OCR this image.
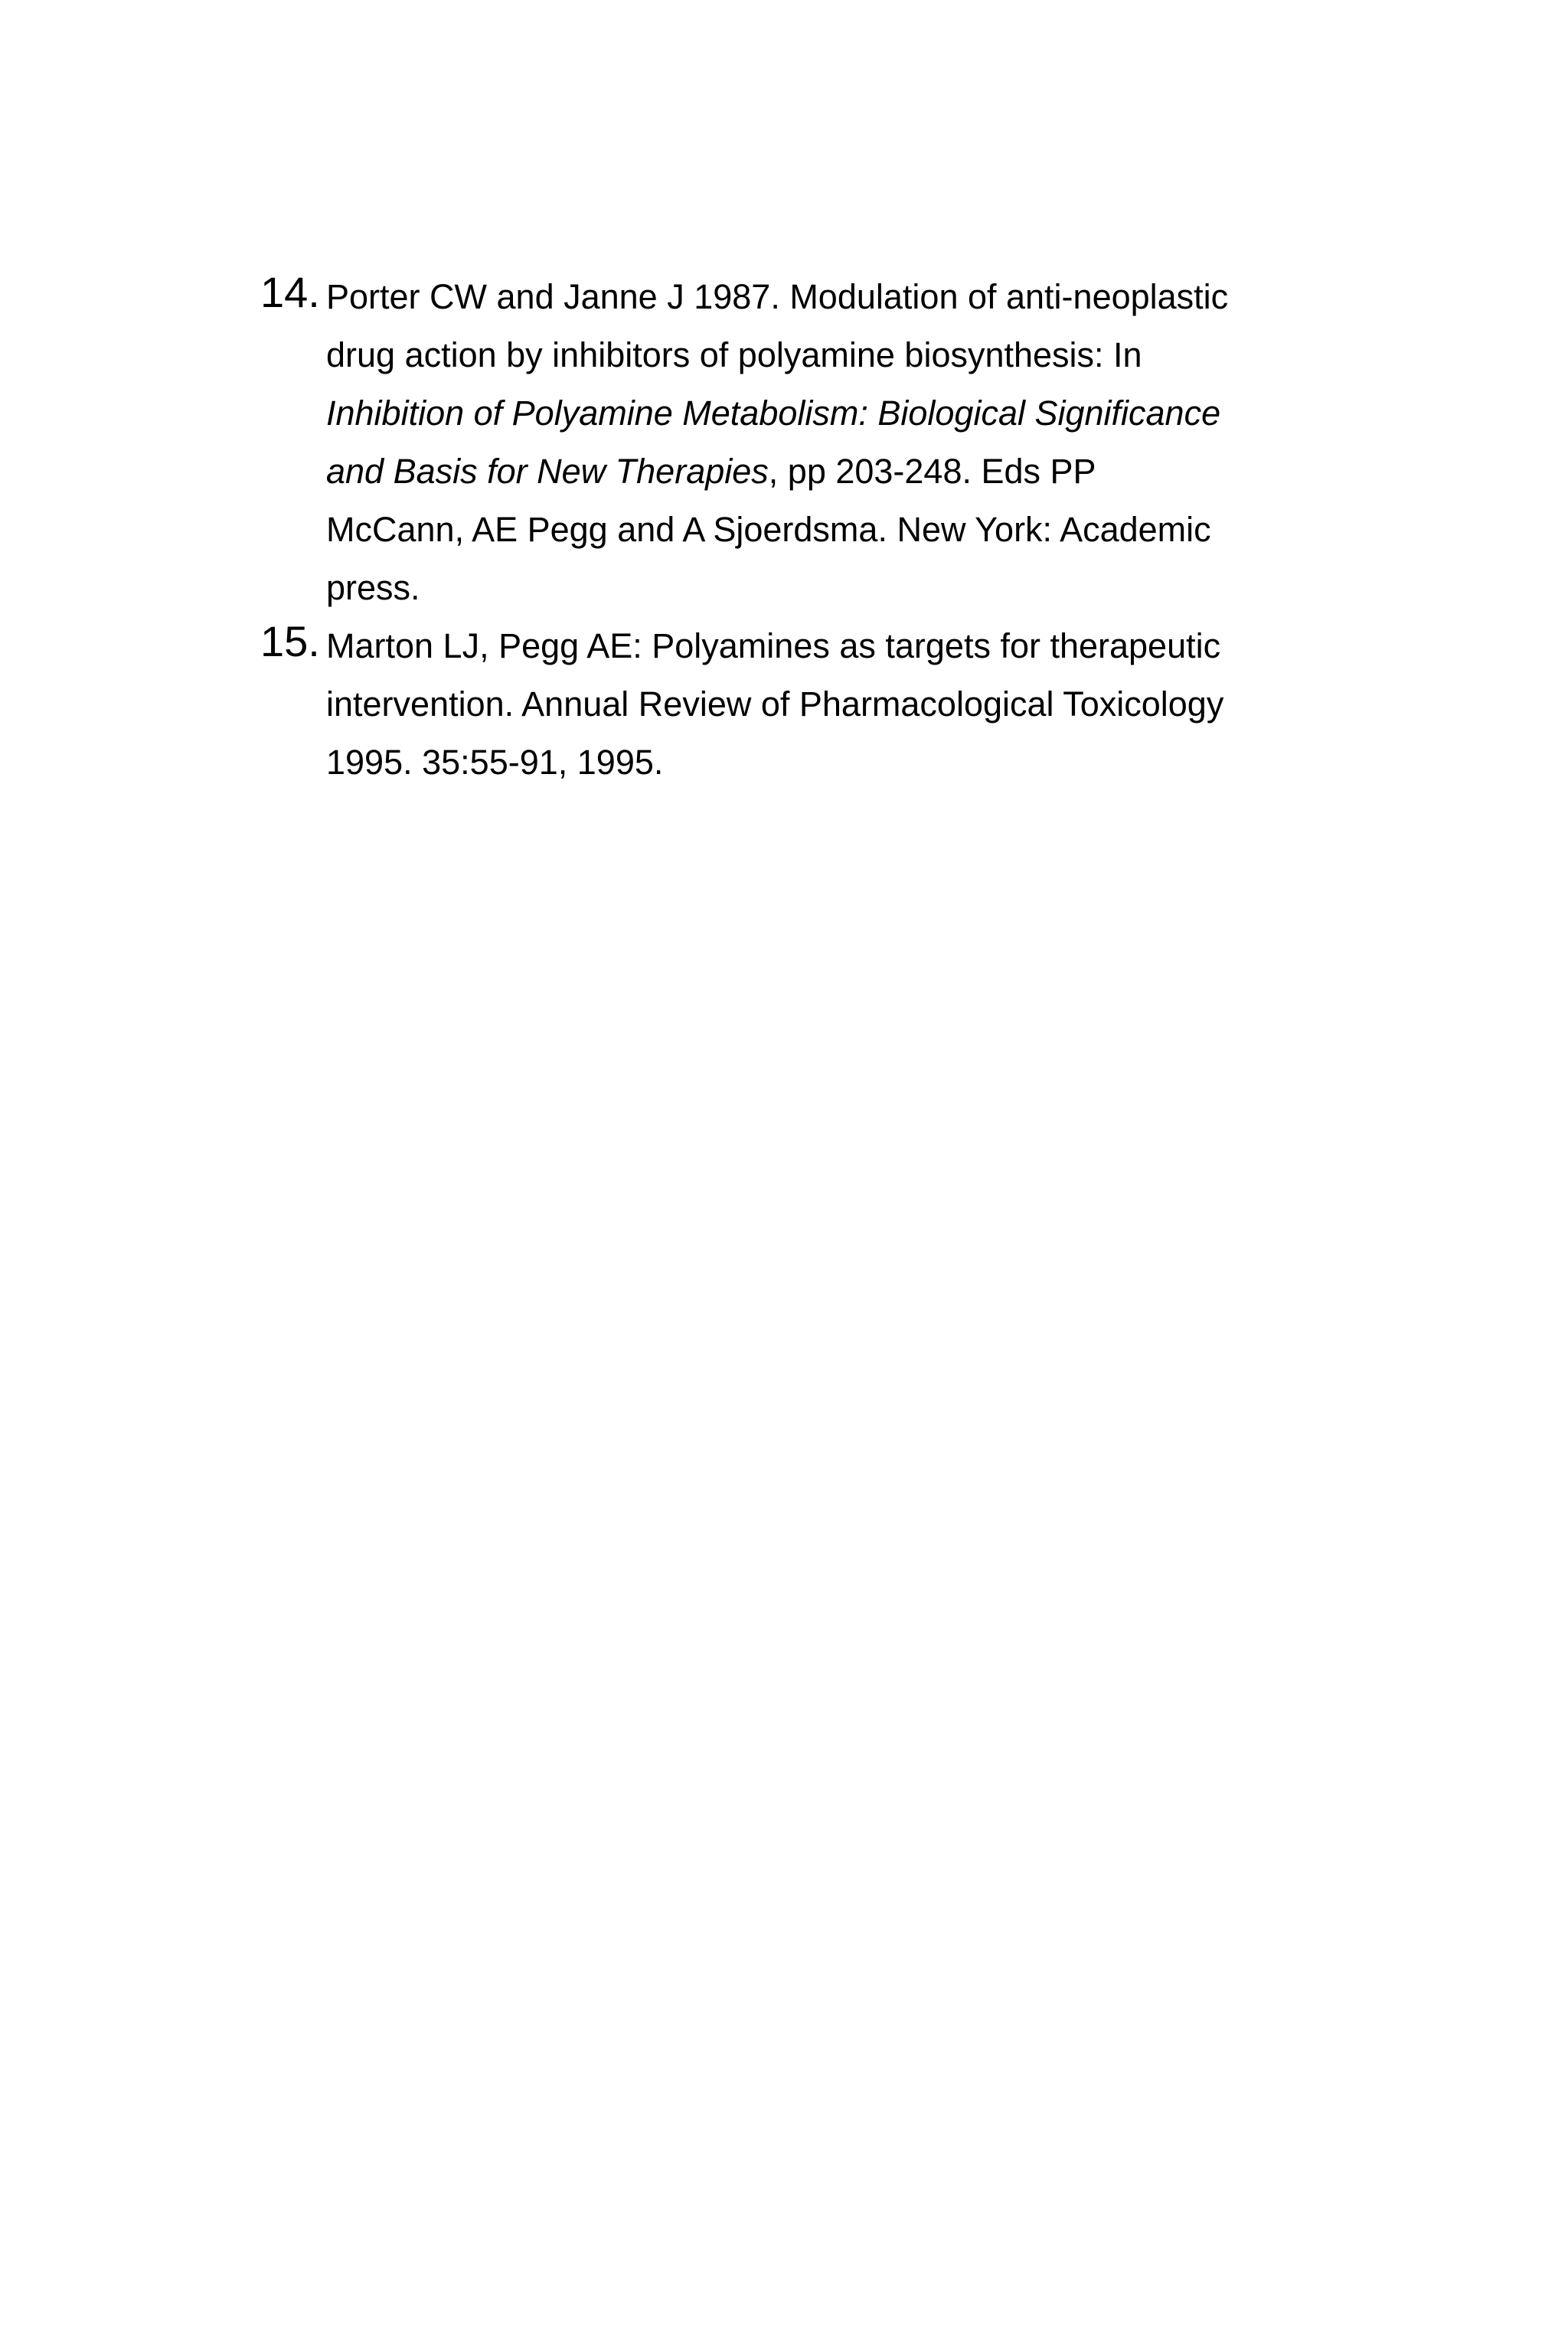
14. Porter CW and Janne J 1987. Modulation of anti-neoplastic
drug action by inhibitors of polyamine biosynthesis: In
Inhibition of Polyamine Metabolism: Biological Significance
and Basis for New Therapies, pp 203-248. Eds PP
McCann, AE Pegg and A Sjoerdsma. New York: Academic
press.
15. Marton LJ, Pegg AE: Polyamines as targets for therapeutic
intervention. Annual Review of Pharmacological Toxicology
1995. 35:55-91, 1995.
